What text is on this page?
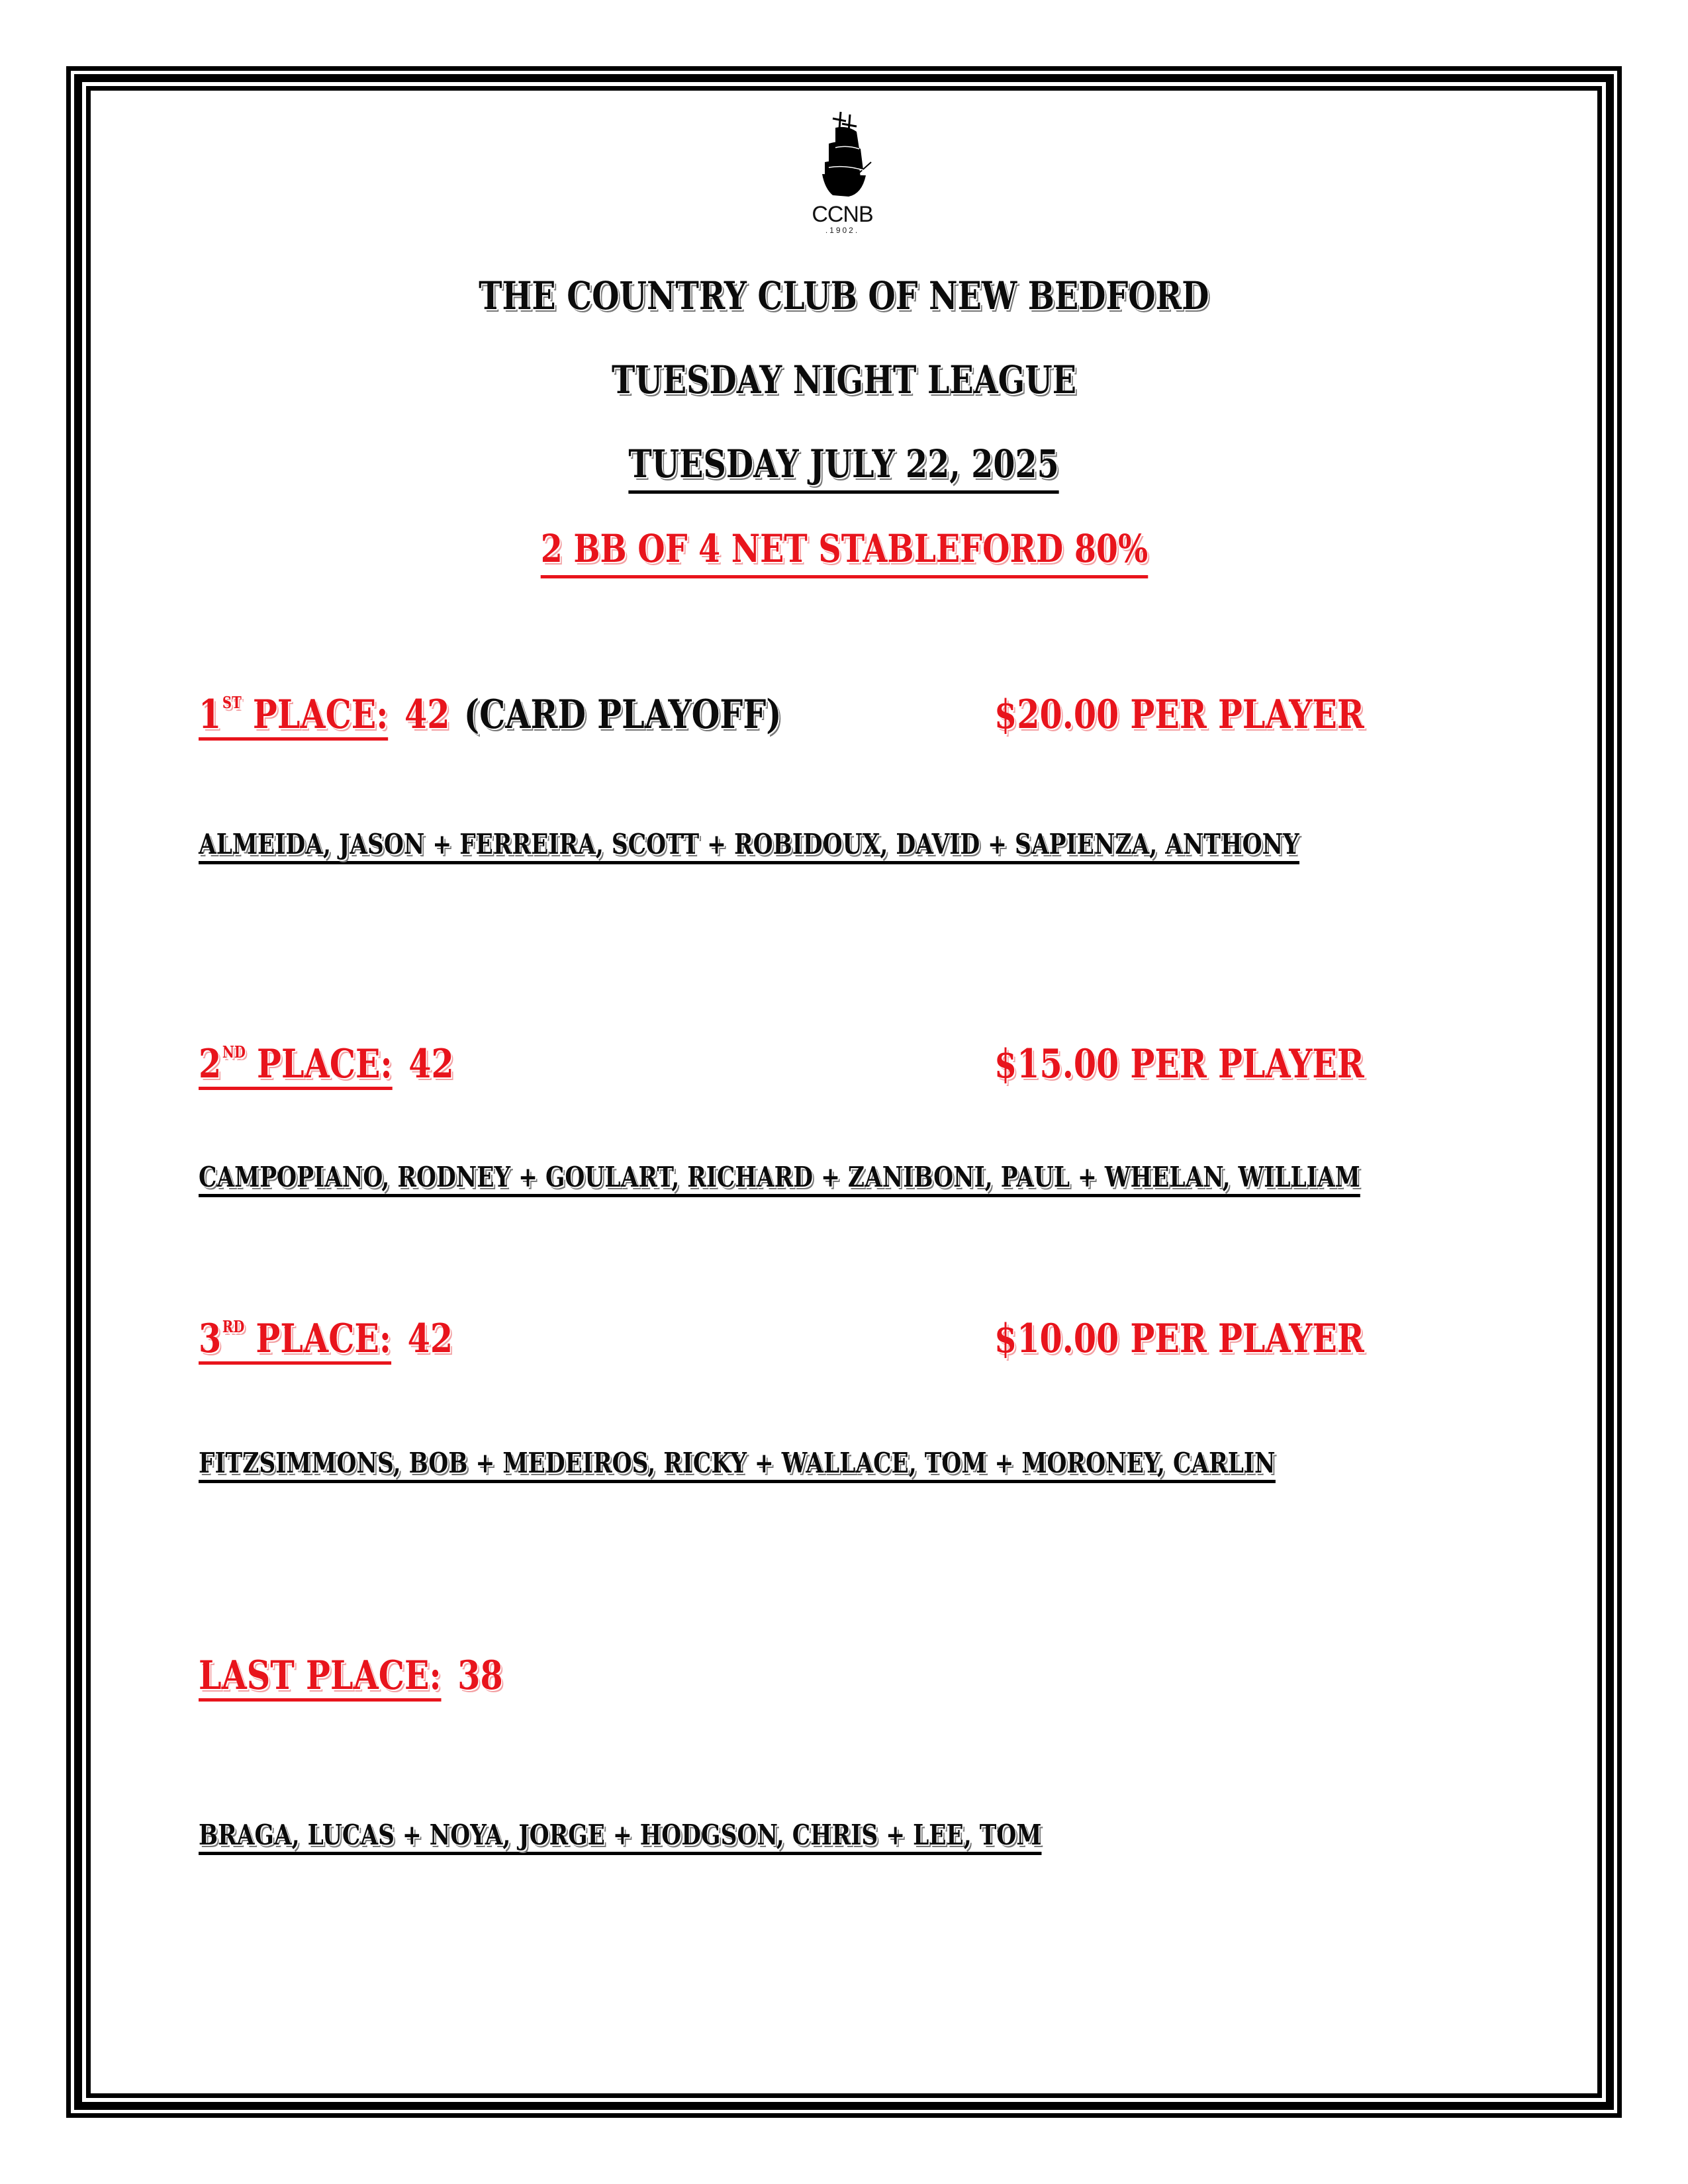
CCNB
.1902.
THE COUNTRY CLUB OF NEW BEDFORD
TUESDAY NIGHT LEAGUE
TUESDAY JULY 22, 2025
2 BB OF 4 NET STABLEFORD 80%
1ST PLACE: 42 (CARD PLAYOFF)	$20.00 PER PLAYER
ALMEIDA, JASON + FERREIRA, SCOTT + ROBIDOUX, DAVID + SAPIENZA, ANTHONY
2ND PLACE: 42	$15.00 PER PLAYER
CAMPOPIANO, RODNEY + GOULART, RICHARD + ZANIBONI, PAUL + WHELAN, WILLIAM
3RD PLACE: 42	$10.00 PER PLAYER
FITZSIMMONS, BOB + MEDEIROS, RICKY + WALLACE, TOM + MORONEY, CARLIN
LAST PLACE: 38
BRAGA, LUCAS + NOYA, JORGE + HODGSON, CHRIS + LEE, TOM
